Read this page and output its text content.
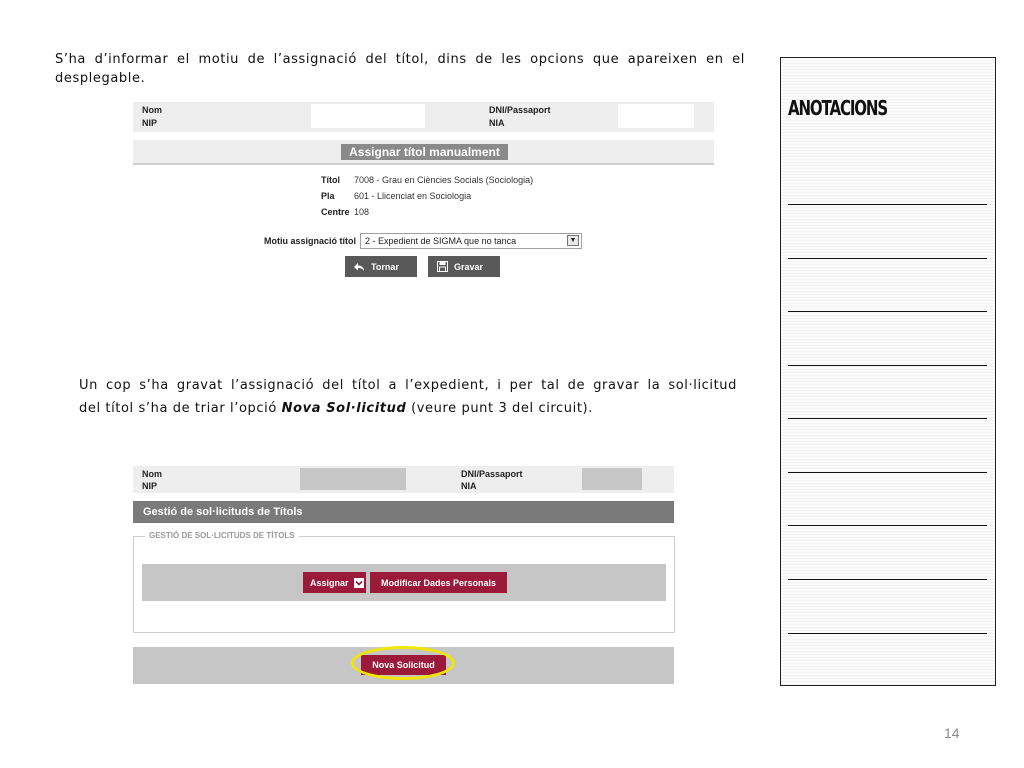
S’ha d’informar el motiu de l’assignació del títol, dins de les opcions que apareixen en el desplegable.
Nom
NIP
DNI/Passaport
NIA
Assignar títol manualment
Títol 7008 - Grau en Ciències Socials (Sociologia)
Pla 601 - Llicenciat en Sociologia
Centre 108
Motiu assignació títol 2 - Expedient de SIGMA que no tanca	▼
Tornar	Gravar
Un cop s’ha gravat l’assignació del títol a l’expedient, i per tal de gravar la sol·licitud
del títol s’ha de triar l’opció Nova Sol·licitud (veure punt 3 del circuit).
Nom
NIP
DNI/Passaport
NIA
Gestió de sol·licituds de Títols
GESTIÓ DE SOL·LICITUDS DE TÍTOLS
Assignar	Modificar Dades Personals
Nova Solicitud
ANOTACIONS
14
